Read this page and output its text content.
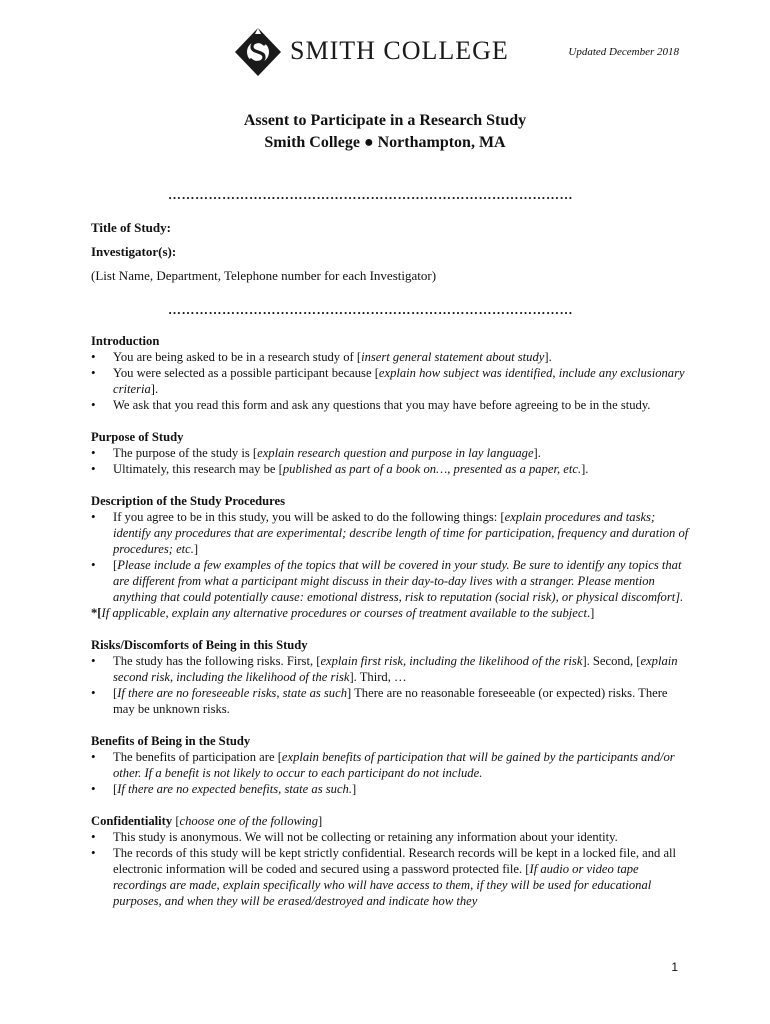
SMITH COLLEGE	Updated December 2018
Assent to Participate in a Research Study
Smith College ● Northampton, MA
………………………………………………………………………………
Title of Study:
Investigator(s):
(List Name, Department, Telephone number for each Investigator)
………………………………………………………………………………
Introduction
• You are being asked to be in a research study of [insert general statement about study].
• You were selected as a possible participant because [explain how subject was identified, include any exclusionary criteria].
• We ask that you read this form and ask any questions that you may have before agreeing to be in the study.
Purpose of Study
• The purpose of the study is [explain research question and purpose in lay language].
• Ultimately, this research may be [published as part of a book on…, presented as a paper, etc.].
Description of the Study Procedures
• If you agree to be in this study, you will be asked to do the following things: [explain procedures and tasks; identify any procedures that are experimental; describe length of time for participation, frequency and duration of procedures; etc.]
• [Please include a few examples of the topics that will be covered in your study. Be sure to identify any topics that are different from what a participant might discuss in their day-to-day lives with a stranger. Please mention anything that could potentially cause: emotional distress, risk to reputation (social risk), or physical discomfort].
*[If applicable, explain any alternative procedures or courses of treatment available to the subject.]
Risks/Discomforts of Being in this Study
• The study has the following risks. First, [explain first risk, including the likelihood of the risk]. Second, [explain second risk, including the likelihood of the risk]. Third, …
• [If there are no foreseeable risks, state as such] There are no reasonable foreseeable (or expected) risks. There may be unknown risks.
Benefits of Being in the Study
• The benefits of participation are [explain benefits of participation that will be gained by the participants and/or other. If a benefit is not likely to occur to each participant do not include.
• [If there are no expected benefits, state as such.]
Confidentiality [choose one of the following]
• This study is anonymous. We will not be collecting or retaining any information about your identity.
• The records of this study will be kept strictly confidential. Research records will be kept in a locked file, and all electronic information will be coded and secured using a password protected file. [If audio or video tape recordings are made, explain specifically who will have access to them, if they will be used for educational purposes, and when they will be erased/destroyed and indicate how they
1
